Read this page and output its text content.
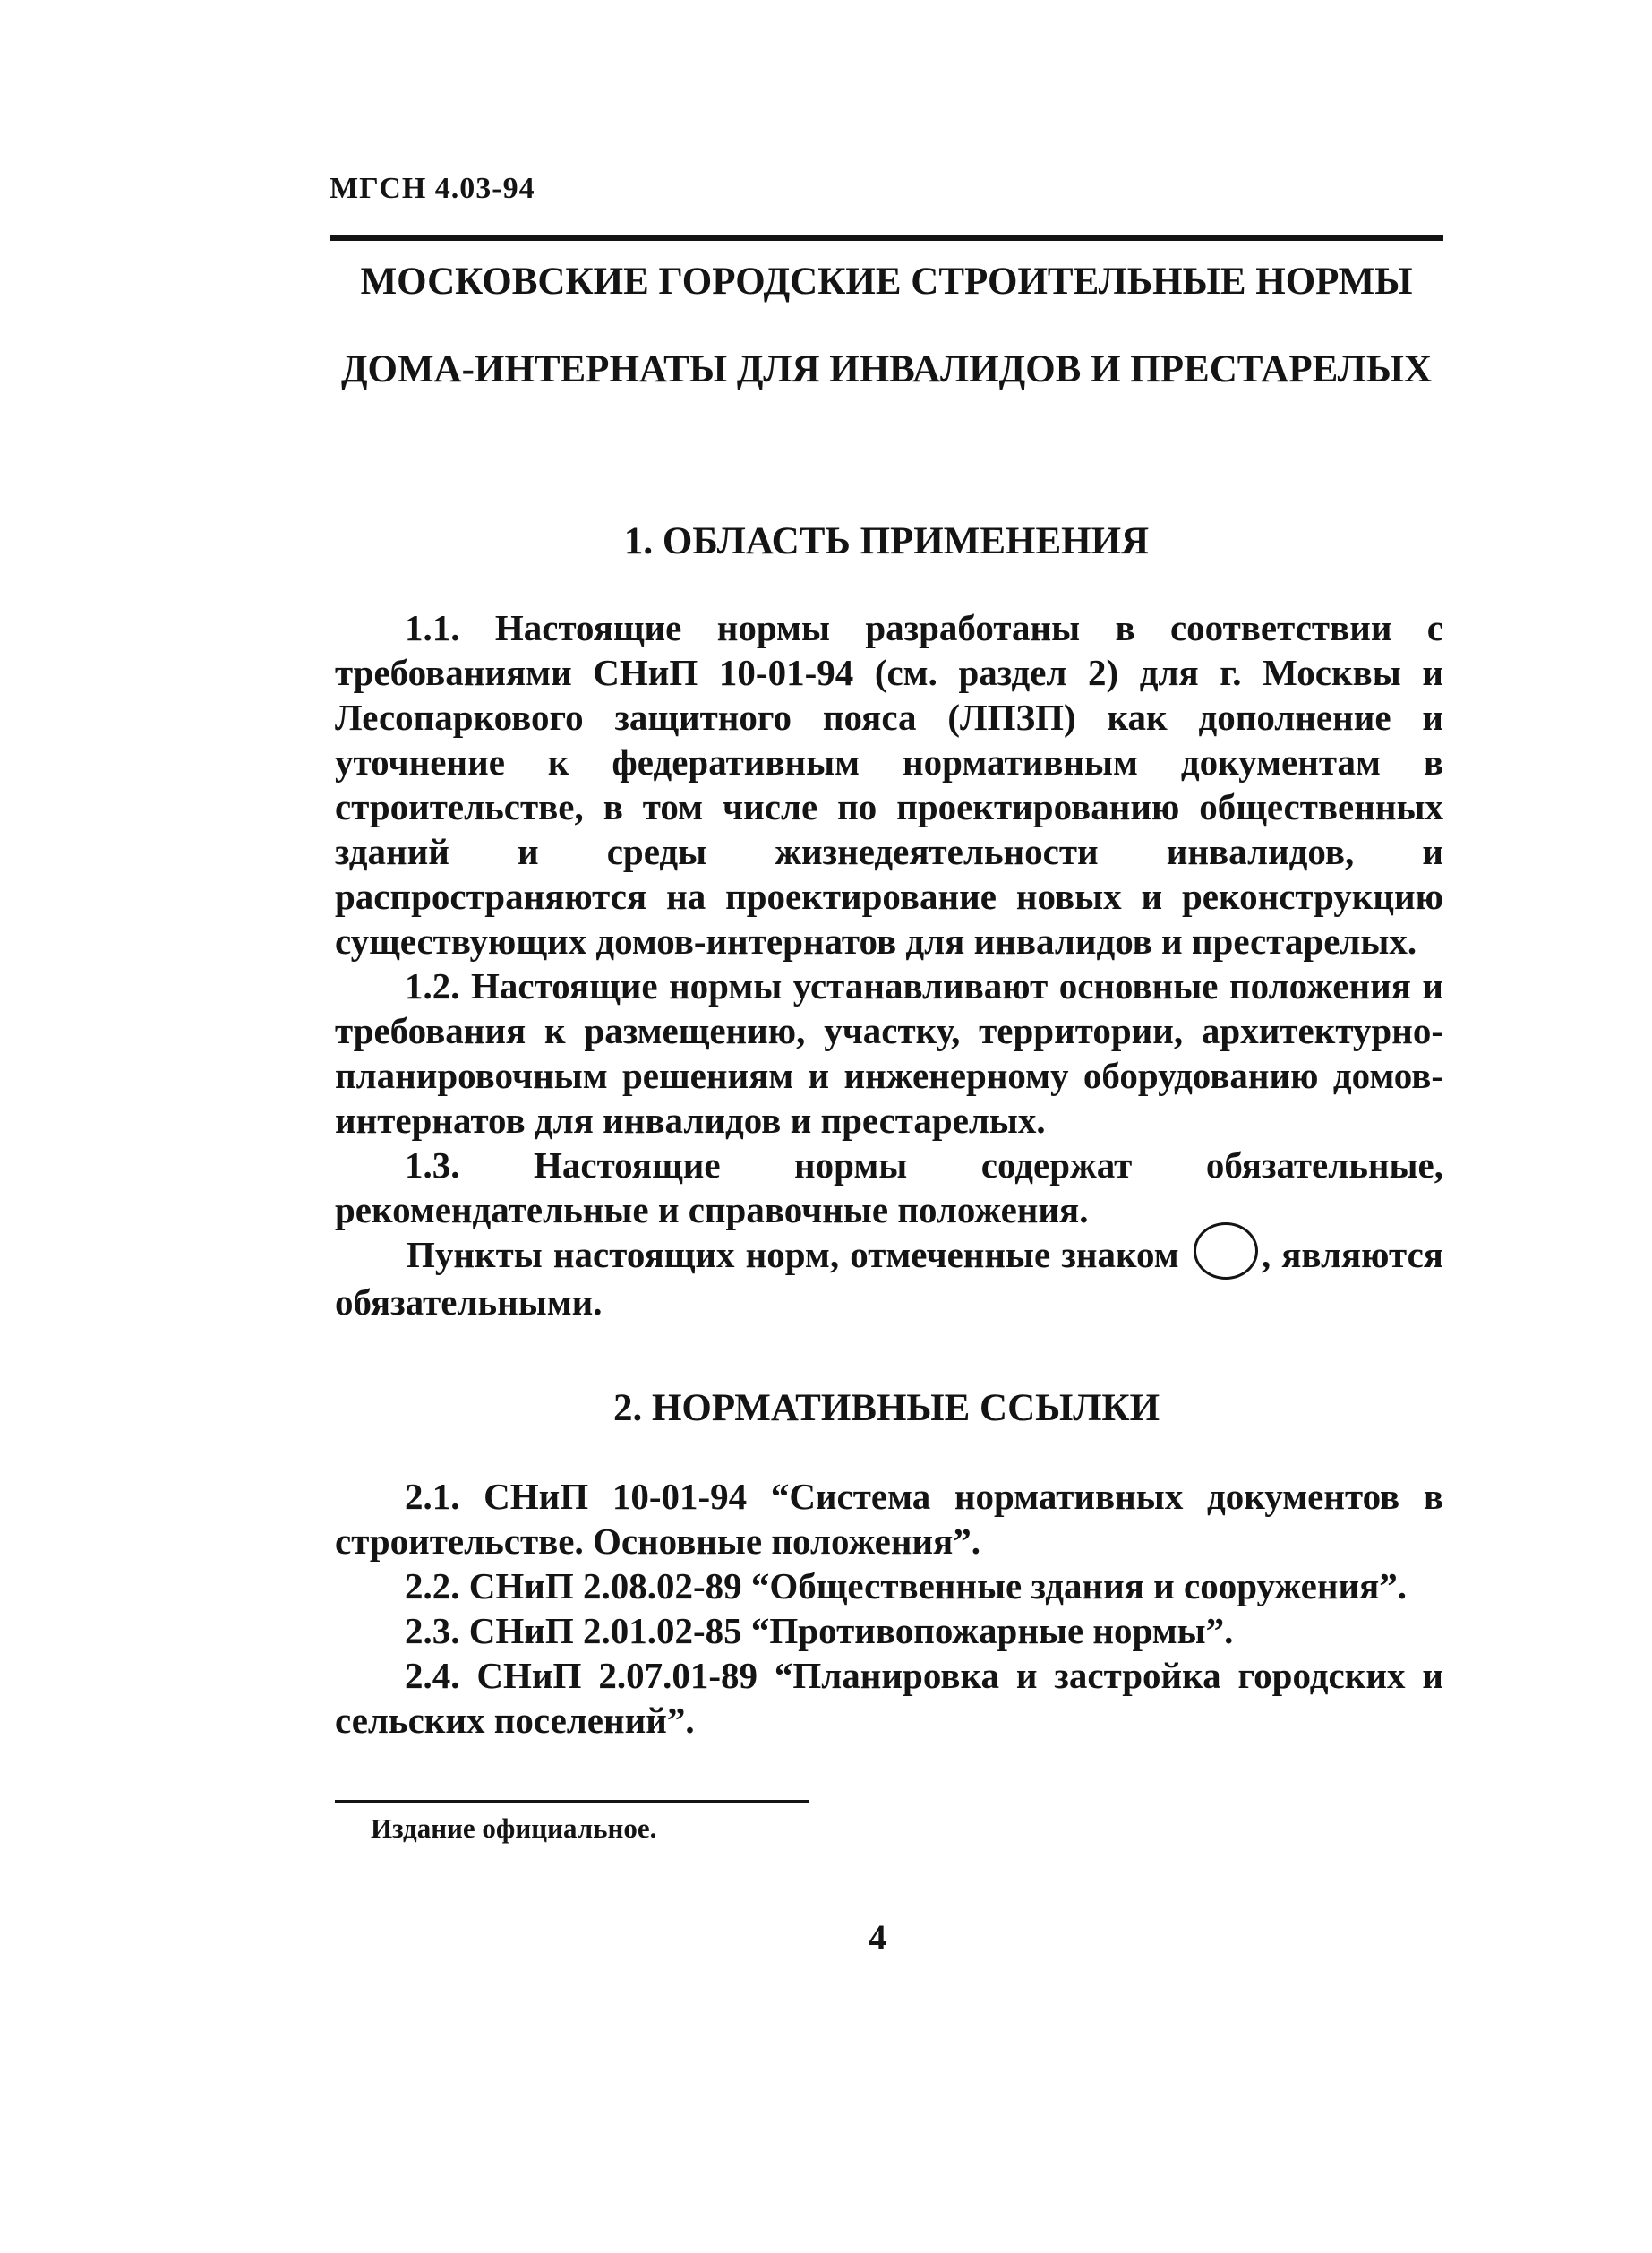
МГСН 4.03-94
МОСКОВСКИЕ ГОРОДСКИЕ СТРОИТЕЛЬНЫЕ НОРМЫ
ДОМА-ИНТЕРНАТЫ ДЛЯ ИНВАЛИДОВ И ПРЕСТАРЕЛЫХ
1. ОБЛАСТЬ ПРИМЕНЕНИЯ

1.1. Настоящие нормы разработаны в соответствии с требованиями СНиП 10-01-94 (см. раздел 2) для г. Москвы и Лесопаркового защитного пояса (ЛПЗП) как дополнение и уточнение к федеративным нормативным документам в строительстве, в том числе по проектированию общественных зданий и среды жизнедеятельности инвалидов, и распространяются на проектирование новых и реконструкцию существующих домов-интернатов для инвалидов и престарелых.

1.2. Настоящие нормы устанавливают основные положения и требования к размещению, участку, территории, архитектурно-планировочным решениям и инженерному оборудованию домов-интернатов для инвалидов и престарелых.

1.3. Настоящие нормы содержат обязательные, рекомендательные и справочные положения.

Пункты настоящих норм, отмеченные знаком , являются обязательными.

2. НОРМАТИВНЫЕ ССЫЛКИ

2.1. СНиП 10-01-94 “Система нормативных документов в строительстве. Основные положения”.

2.2. СНиП 2.08.02-89 “Общественные здания и сооружения”.

2.3. СНиП 2.01.02-85 “Противопожарные нормы”.

2.4. СНиП 2.07.01-89 “Планировка и застройка городских и сельских поселений”.

Издание официальное.
4
